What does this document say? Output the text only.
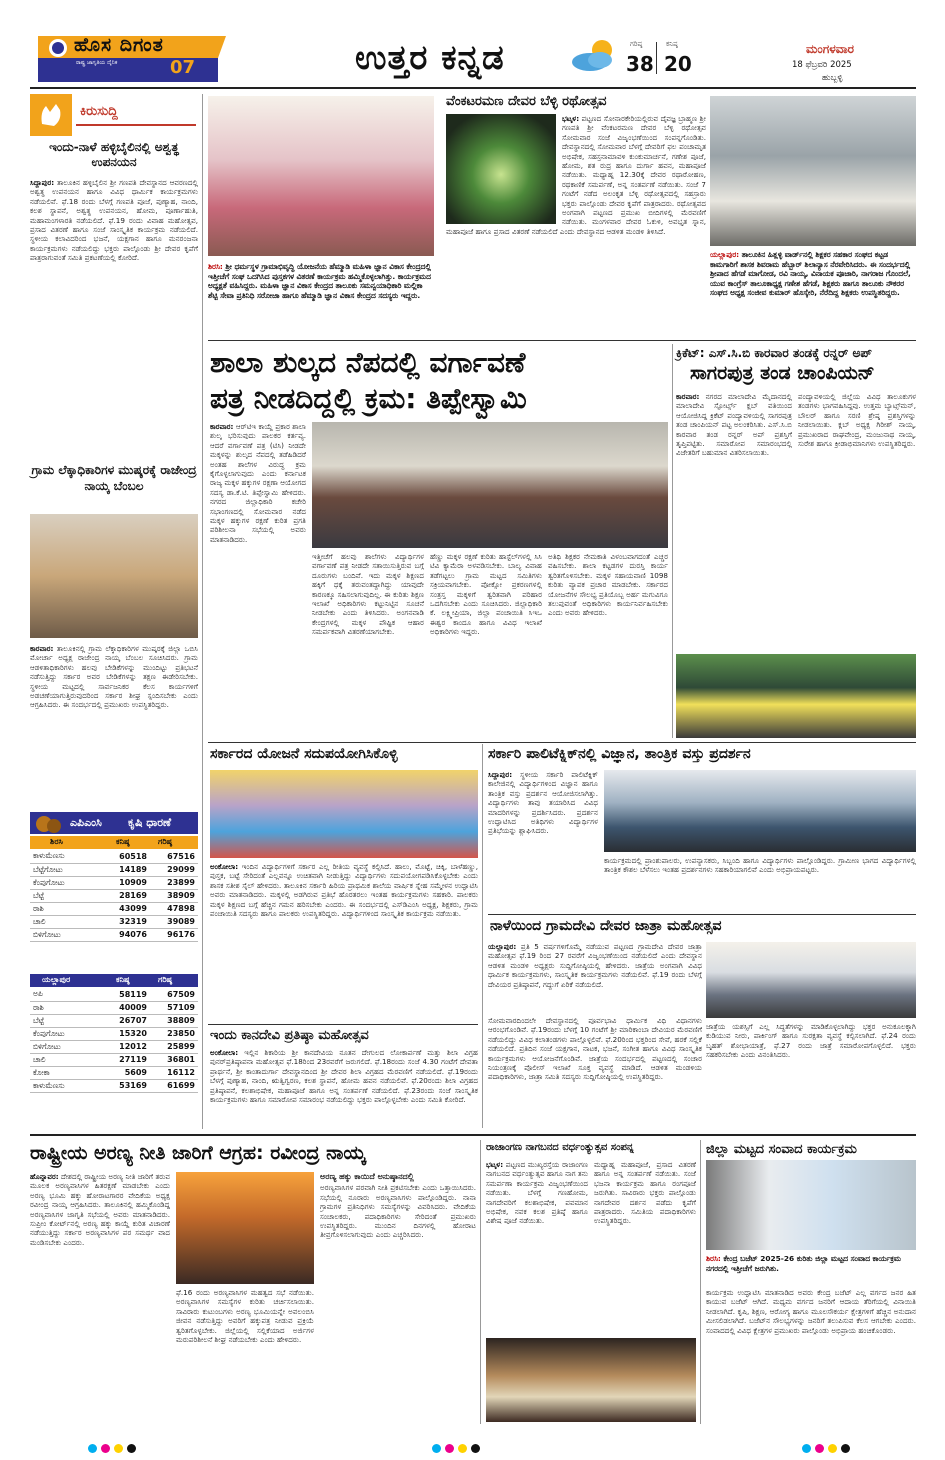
ಹೊಸ ದಿಗಂತ
ರಾಷ್ಟ್ರ ಜಾಗೃತಿಯ ದೈನಿಕ	07	ಉತ್ತರ ಕನ್ನಡ	ಗರಿಷ್ಠ
38
ಕನಿಷ್ಠ
20
ಮಂಗಳವಾರ
18 ಫೆಬ್ರವರಿ 2025
ಹುಬ್ಬಳ್ಳಿ
ಕಿರುಸುದ್ದಿ
ಇಂದು-ನಾಳೆ ಹಳ್ಳಿಬೈಲಿನಲ್ಲಿ ಅಶ್ವತ್ಥ ಉಪನಯನ
ಸಿದ್ದಾಪುರ: ತಾಲೂಕಿನ ಹಳ್ಳಿಬೈಲಿನ ಶ್ರೀ ಗಣಪತಿ ದೇವಸ್ಥಾನದ ಆವರಣದಲ್ಲಿ ಅಶ್ವತ್ಥ ಉಪನಯನ ಹಾಗೂ ವಿವಿಧ ಧಾರ್ಮಿಕ ಕಾರ್ಯಕ್ರಮಗಳು ನಡೆಯಲಿವೆ. ಫೆ.18 ರಂದು ಬೆಳಗ್ಗೆ ಗಣಪತಿ ಪೂಜೆ, ಪುಣ್ಯಾಹ, ನಾಂದಿ, ಕಲಶ ಸ್ಥಾಪನೆ, ಅಶ್ವತ್ಥ ಉಪನಯನ, ಹೋಮ, ಪೂರ್ಣಾಹುತಿ, ಮಹಾಮಂಗಳಾರತಿ ನಡೆಯಲಿದೆ. ಫೆ.19 ರಂದು ವಿವಾಹ ಮಹೋತ್ಸವ, ಪ್ರಸಾದ ವಿತರಣೆ ಹಾಗೂ ಸಂಜೆ ಸಾಂಸ್ಕೃತಿಕ ಕಾರ್ಯಕ್ರಮ ನಡೆಯಲಿದೆ. ಸ್ಥಳೀಯ ಕಲಾವಿದರಿಂದ ಭಜನೆ, ಯಕ್ಷಗಾನ ಹಾಗೂ ಮನರಂಜನಾ ಕಾರ್ಯಕ್ರಮಗಳು ನಡೆಯಲಿದ್ದು ಭಕ್ತರು ಪಾಲ್ಗೊಂಡು ಶ್ರೀ ದೇವರ ಕೃಪೆಗೆ ಪಾತ್ರರಾಗುವಂತೆ ಸಮಿತಿ ಪ್ರಕಟಣೆಯಲ್ಲಿ ಕೋರಿದೆ.
ಗ್ರಾಮ ಲೆಕ್ಕಾಧಿಕಾರಿಗಳ ಮುಷ್ಕರಕ್ಕೆ ರಾಜೇಂದ್ರ ನಾಯ್ಕ ಬೆಂಬಲ
ಕಾರವಾರ: ತಾಲೂಕಿನಲ್ಲಿ ಗ್ರಾಮ ಲೆಕ್ಕಾಧಿಕಾರಿಗಳ ಮುಷ್ಕರಕ್ಕೆ ಜಿಲ್ಲಾ ಒಬಿಸಿ ಮೋರ್ಚಾ ಅಧ್ಯಕ್ಷ ರಾಜೇಂದ್ರ ನಾಯ್ಕ ಬೆಂಬಲ ಸೂಚಿಸಿದರು. ಗ್ರಾಮ ಆಡಳಿತಾಧಿಕಾರಿಗಳು ಹಲವು ಬೇಡಿಕೆಗಳನ್ನು ಮುಂದಿಟ್ಟು ಪ್ರತಿಭಟನೆ ನಡೆಸುತ್ತಿದ್ದು ಸರ್ಕಾರ ಅವರ ಬೇಡಿಕೆಗಳನ್ನು ತಕ್ಷಣ ಈಡೇರಿಸಬೇಕು. ಸ್ಥಳೀಯ ಮಟ್ಟದಲ್ಲಿ ಸಾರ್ವಜನಿಕರ ಕೆಲಸ ಕಾರ್ಯಗಳಿಗೆ ಅಡಚಣೆಯಾಗುತ್ತಿರುವುದರಿಂದ ಸರ್ಕಾರ ಶೀಘ್ರ ಸ್ಪಂದಿಸಬೇಕು ಎಂದು ಆಗ್ರಹಿಸಿದರು. ಈ ಸಂದರ್ಭದಲ್ಲಿ ಪ್ರಮುಖರು ಉಪಸ್ಥಿತರಿದ್ದರು.
ಎಪಿಎಂಸಿ ಕೃಷಿ ಧಾರಣೆ
ಶಿರಸಿ	ಕನಿಷ್ಠ	ಗರಿಷ್ಠ
ಕಾಳುಮೆಣಸು	60518	67516
ಬೆಟ್ಟೆಗೋಟು	14189	29099
ಕೆಂಪುಗೋಟು	10909	23899
ಬೆಟ್ಟೆ	28169	38909
ರಾಶಿ	43099	47898
ಚಾಲಿ	32319	39089
ಬಿಳಿಗೋಟು	94076	96176
ಯಲ್ಲಾಪುರ	ಕನಿಷ್ಠ	ಗರಿಷ್ಠ
ಅಪಿ	58119	67509
ರಾಶಿ	40009	57109
ಬೆಟ್ಟೆ	26707	38809
ಕೆಂಪುಗೋಟು	15320	23850
ಬಿಳಿಗೋಟು	12012	25899
ಚಾಲಿ	27119	36801
ಕೋಕಾ	5609	16112
ಕಾಳುಮೆಣಸು	53169	61699
ಶಿರಸಿ: ಶ್ರೀ ಧರ್ಮಸ್ಥಳ ಗ್ರಾಮಾಭಿವೃದ್ಧಿ ಯೋಜನೆಯ ಹೆಮ್ಮಾಡಿ ಮಹಿಳಾ ಜ್ಞಾನ ವಿಕಾಸ ಕೇಂದ್ರದಲ್ಲಿ ಇತ್ತೀಚೆಗೆ ಸಂಘ ಒದಗಿಸಿದ ಪುಸ್ತಕಗಳ ವಿತರಣೆ ಕಾರ್ಯಕ್ರಮ ಹಮ್ಮಿಕೊಳ್ಳಲಾಗಿತ್ತು. ಕಾರ್ಯಕ್ರಮದ ಅಧ್ಯಕ್ಷತೆ ವಹಿಸಿದ್ದರು. ಮಹಿಳಾ ಜ್ಞಾನ ವಿಕಾಸ ಕೇಂದ್ರದ ತಾಲೂಕು ಸಮನ್ವಯಾಧಿಕಾರಿ ಮಲ್ಲಿಕಾ ಶೆಟ್ಟಿ ಸೇವಾ ಪ್ರತಿನಿಧಿ ಸರೋಜಾ ಹಾಗೂ ಹೆಮ್ಮಾಡಿ ಜ್ಞಾನ ವಿಕಾಸ ಕೇಂದ್ರದ ಸದಸ್ಯರು ಇದ್ದರು.
ವೆಂಕಟರಮಣ ದೇವರ ಬೆಳ್ಳಿ ರಥೋತ್ಸವ
ಭಟ್ಕಳ: ಪಟ್ಟಣದ ಸೋನಾರಕೇರಿಯಲ್ಲಿರುವ ದೈವಜ್ಞ ಬ್ರಾಹ್ಮಣ ಶ್ರೀ ಗಣಪತಿ ಶ್ರೀ ವೆಂಕಟರಮಣ ದೇವರ ಬೆಳ್ಳಿ ರಥೋತ್ಸವ ಸೋಮವಾರ ಸಂಜೆ ವಿಜೃಂಭಣೆಯಿಂದ ಸಂಪನ್ನಗೊಂಡಿತು. ದೇವಸ್ಥಾನದಲ್ಲಿ ಸೋಮವಾರ ಬೆಳಗ್ಗೆ ದೇವರಿಗೆ ಫಲ ಪಂಚಾಮೃತ ಅಭಿಷೇಕ, ಸಹಸ್ರನಾಮಾವಳಿ ಕುಂಕುಮಾರ್ಚನೆ, ಗಣೇಶ ಪೂಜೆ, ಹೋಮ, ಶತ ರುದ್ರ ಹಾಗೂ ದುರ್ಗಾ ಹವನ, ಮಹಾಪೂಜೆ ನಡೆಯಿತು. ಮಧ್ಯಾಹ್ನ 12.30ಕ್ಕೆ ದೇವರ ರಥಾರೋಹಣ, ರಥಕಾಣಿಕೆ ಸಮರ್ಪಣೆ, ಅನ್ನ ಸಂತರ್ಪಣೆ ನಡೆಯಿತು. ಸಂಜೆ 7 ಗಂಟೆಗೆ ನಡೆದ ಅಲಂಕೃತ ಬೆಳ್ಳಿ ರಥೋತ್ಸವದಲ್ಲಿ ಸಹಸ್ರಾರು ಭಕ್ತರು ಪಾಲ್ಗೊಂಡು ದೇವರ ಕೃಪೆಗೆ ಪಾತ್ರರಾದರು. ರಥೋತ್ಸವದ ಅಂಗವಾಗಿ ಪಟ್ಟಣದ ಪ್ರಮುಖ ಬೀದಿಗಳಲ್ಲಿ ಮೆರವಣಿಗೆ ನಡೆಯಿತು. ಮಂಗಳವಾರ ದೇವರ ಓಕುಳಿ, ಅವಭೃತ ಸ್ನಾನ, ಮಹಾಪೂಜೆ ಹಾಗೂ ಪ್ರಸಾದ ವಿತರಣೆ ನಡೆಯಲಿದೆ ಎಂದು ದೇವಸ್ಥಾನದ ಆಡಳಿತ ಮಂಡಳಿ ತಿಳಿಸಿದೆ.
ಯಲ್ಲಾಪುರ: ತಾಲೂಕಿನ ಹಿತ್ಲಳ್ಳಿ ವಾರ್ಡ್‌ನಲ್ಲಿ ಶಿಕ್ಷಕರ ಸಹಕಾರ ಸಂಘದ ಕಟ್ಟಡ ಕಾಮಗಾರಿಗೆ ಶಾಸಕ ಶಿವರಾಮ ಹೆಬ್ಬಾರ್ ಶಿಲಾನ್ಯಾಸ ನೆರವೇರಿಸಿದರು. ಈ ಸಂದರ್ಭದಲ್ಲಿ ಶ್ರೀಪಾದ ಹೆಗಡೆ ಮಾಗೋಡ, ರವಿ ನಾಯ್ಕ, ವಿನಾಯಕ ಪೂಜಾರಿ, ನಾಗರಾಜ ಗೊಂದಲೆ, ಯುವ ಕಾಂಗ್ರೆಸ್ ತಾಲೂಕಾಧ್ಯಕ್ಷ ಗಣೇಶ ಹೆಗಡೆ, ಶಿಕ್ಷಕರು ಹಾಗೂ ತಾಲೂಕು ನೌಕರರ ಸಂಘದ ಅಧ್ಯಕ್ಷ ಸಂಜೀವ ಕುಮಾರ್ ಹೊಸ್ಕೇರಿ, ನೆರೆದಿದ್ದ ಶಿಕ್ಷಕರು ಉಪಸ್ಥಿತರಿದ್ದರು.
ಶಾಲಾ ಶುಲ್ಕದ ನೆಪದಲ್ಲಿ ವರ್ಗಾವಣೆ
ಪತ್ರ ನೀಡದಿದ್ದಲ್ಲಿ ಕ್ರಮ: ತಿಪ್ಪೇಸ್ವಾಮಿ
ಕಾರವಾರ: ಆರ್‌ಟಿಇ ಕಾಯ್ದೆ ಪ್ರಕಾರ ಶಾಲಾ ಶುಲ್ಕ ಭರಿಸುವುದು ಪಾಲಕರ ಕರ್ತವ್ಯ. ಆದರೆ ವರ್ಗಾವಣೆ ಪತ್ರ (ಟಿಸಿ) ನೀಡದೇ ಮಕ್ಕಳನ್ನು ಶುಲ್ಕದ ನೆಪದಲ್ಲಿ ತಡೆಹಿಡಿದರೆ ಅಂತಹ ಶಾಲೆಗಳ ವಿರುದ್ಧ ಕ್ರಮ ಕೈಗೊಳ್ಳಲಾಗುವುದು ಎಂದು ಕರ್ನಾಟಕ ರಾಜ್ಯ ಮಕ್ಕಳ ಹಕ್ಕುಗಳ ರಕ್ಷಣಾ ಆಯೋಗದ ಸದಸ್ಯ ಡಾ.ಕೆ.ಟಿ. ತಿಪ್ಪೇಸ್ವಾಮಿ ಹೇಳಿದರು. ನಗರದ ಜಿಲ್ಲಾಧಿಕಾರಿ ಕಚೇರಿ ಸಭಾಂಗಣದಲ್ಲಿ ಸೋಮವಾರ ನಡೆದ ಮಕ್ಕಳ ಹಕ್ಕುಗಳ ರಕ್ಷಣೆ ಕುರಿತ ಪ್ರಗತಿ ಪರಿಶೀಲನಾ ಸಭೆಯಲ್ಲಿ ಅವರು ಮಾತನಾಡಿದರು.
ಇತ್ತೀಚೆಗೆ ಹಲವು ಶಾಲೆಗಳು ವಿದ್ಯಾರ್ಥಿಗಳ ವರ್ಗಾವಣೆ ಪತ್ರ ನೀಡದೇ ಸತಾಯಿಸುತ್ತಿರುವ ಬಗ್ಗೆ ದೂರುಗಳು ಬಂದಿವೆ. ಇದು ಮಕ್ಕಳ ಶಿಕ್ಷಣದ ಹಕ್ಕಿಗೆ ಧಕ್ಕೆ ತರುವಂತದ್ದಾಗಿದ್ದು ಯಾವುದೇ ಕಾರಣಕ್ಕೂ ಸಹಿಸಲಾಗುವುದಿಲ್ಲ. ಈ ಕುರಿತು ಶಿಕ್ಷಣ ಇಲಾಖೆ ಅಧಿಕಾರಿಗಳು ಕಟ್ಟುನಿಟ್ಟಿನ ಸೂಚನೆ ನೀಡಬೇಕು ಎಂದು ತಿಳಿಸಿದರು. ಅಂಗನವಾಡಿ ಕೇಂದ್ರಗಳಲ್ಲಿ ಮಕ್ಕಳ ಪೌಷ್ಟಿಕ ಆಹಾರ ಸಮರ್ಪಕವಾಗಿ ವಿತರಣೆಯಾಗಬೇಕು.
ಹೆಣ್ಣು ಮಕ್ಕಳ ರಕ್ಷಣೆ ಕುರಿತು ಹಾಸ್ಟೆಲ್‌ಗಳಲ್ಲಿ ಸಿಸಿ ಟಿವಿ ಕ್ಯಾಮೆರಾ ಅಳವಡಿಸಬೇಕು. ಬಾಲ್ಯ ವಿವಾಹ ತಡೆಗಟ್ಟಲು ಗ್ರಾಮ ಮಟ್ಟದ ಸಮಿತಿಗಳು ಸಕ್ರಿಯವಾಗಬೇಕು. ಪೋಕ್ಸೋ ಪ್ರಕರಣಗಳಲ್ಲಿ ಸಂತ್ರಸ್ತ ಮಕ್ಕಳಿಗೆ ತ್ವರಿತವಾಗಿ ಪರಿಹಾರ ಒದಗಿಸಬೇಕು ಎಂದು ಸೂಚಿಸಿದರು. ಜಿಲ್ಲಾಧಿಕಾರಿ ಕೆ. ಲಕ್ಷ್ಮೀಪ್ರಿಯಾ, ಜಿಲ್ಲಾ ಪಂಚಾಯಿತಿ ಸಿಇಒ ಈಶ್ವರ ಕಾಂದೂ ಹಾಗೂ ವಿವಿಧ ಇಲಾಖೆ ಅಧಿಕಾರಿಗಳು ಇದ್ದರು.
ಅತಿಥಿ ಶಿಕ್ಷಕರ ನೇಮಕಾತಿ ವಿಳಂಬವಾಗದಂತೆ ಎಚ್ಚರ ವಹಿಸಬೇಕು. ಶಾಲಾ ಕಟ್ಟಡಗಳ ದುರಸ್ತಿ ಕಾರ್ಯ ತ್ವರಿತಗೊಳಿಸಬೇಕು. ಮಕ್ಕಳ ಸಹಾಯವಾಣಿ 1098 ಕುರಿತು ವ್ಯಾಪಕ ಪ್ರಚಾರ ಮಾಡಬೇಕು. ಸರ್ಕಾರದ ಯೋಜನೆಗಳ ಸೌಲಭ್ಯ ಪ್ರತಿಯೊಬ್ಬ ಅರ್ಹ ಮಗುವಿಗೂ ತಲುಪುವಂತೆ ಅಧಿಕಾರಿಗಳು ಕಾರ್ಯನಿರ್ವಹಿಸಬೇಕು ಎಂದು ಅವರು ಹೇಳಿದರು.
ಕ್ರಿಕೆಟ್: ಎಸ್.ಸಿ.ಬಿ ಕಾರವಾರ ತಂಡಕ್ಕೆ ರನ್ನರ್ ಅಪ್
ಸಾಗರಪುತ್ರ ತಂಡ ಚಾಂಪಿಯನ್
ಕಾರವಾರ: ನಗರದ ಮಾಲಾದೇವಿ ಮೈದಾನದಲ್ಲಿ ಮಾಲಾದೇವಿ ಸ್ಪೋರ್ಟ್ಸ್ ಕ್ಲಬ್ ವತಿಯಿಂದ ಆಯೋಜಿಸಿದ್ದ ಕ್ರಿಕೆಟ್ ಪಂದ್ಯಾವಳಿಯಲ್ಲಿ ಸಾಗರಪುತ್ರ ತಂಡ ಚಾಂಪಿಯನ್ ಪಟ್ಟ ಅಲಂಕರಿಸಿತು. ಎಸ್.ಸಿ.ಬಿ ಕಾರವಾರ ತಂಡ ರನ್ನರ್ ಅಪ್ ಪ್ರಶಸ್ತಿಗೆ ತೃಪ್ತಿಪಟ್ಟಿತು. ಸಮಾರೋಪ ಸಮಾರಂಭದಲ್ಲಿ ವಿಜೇತರಿಗೆ ಬಹುಮಾನ ವಿತರಿಸಲಾಯಿತು.
ಪಂದ್ಯಾವಳಿಯಲ್ಲಿ ಜಿಲ್ಲೆಯ ವಿವಿಧ ತಾಲೂಕುಗಳ ತಂಡಗಳು ಭಾಗವಹಿಸಿದ್ದವು. ಉತ್ತಮ ಬ್ಯಾಟ್ಸ್‌ಮನ್, ಬೌಲರ್ ಹಾಗೂ ಸರಣಿ ಶ್ರೇಷ್ಠ ಪ್ರಶಸ್ತಿಗಳನ್ನು ನೀಡಲಾಯಿತು. ಕ್ಲಬ್ ಅಧ್ಯಕ್ಷ ಗಿರೀಶ್ ನಾಯ್ಕ, ಪ್ರಮುಖರಾದ ರಾಘವೇಂದ್ರ, ಮಂಜುನಾಥ ನಾಯ್ಕ, ಸುರೇಶ ಹಾಗೂ ಕ್ರೀಡಾಭಿಮಾನಿಗಳು ಉಪಸ್ಥಿತರಿದ್ದರು.
ಸರ್ಕಾರದ ಯೋಜನೆ ಸದುಪಯೋಗಿಸಿಕೊಳ್ಳಿ
ಅಂಕೋಲಾ: ಇಂದಿನ ವಿದ್ಯಾರ್ಥಿಗಳಿಗೆ ಸರ್ಕಾರ ಎಲ್ಲ ರೀತಿಯ ವ್ಯವಸ್ಥೆ ಕಲ್ಪಿಸಿದೆ. ಹಾಲು, ಮೊಟ್ಟೆ, ಚಿಕ್ಕಿ, ಬಾಳೆಹಣ್ಣು, ಪುಸ್ತಕ, ಬಟ್ಟೆ ಸೇರಿದಂತೆ ಎಲ್ಲವನ್ನೂ ಉಚಿತವಾಗಿ ನೀಡುತ್ತಿದ್ದು ವಿದ್ಯಾರ್ಥಿಗಳು ಸದುಪಯೋಗಪಡಿಸಿಕೊಳ್ಳಬೇಕು ಎಂದು ಶಾಸಕ ಸತೀಶ ಸೈಲ್ ಹೇಳಿದರು. ತಾಲೂಕಿನ ಸರ್ಕಾರಿ ಹಿರಿಯ ಪ್ರಾಥಮಿಕ ಶಾಲೆಯ ವಾರ್ಷಿಕ ಸ್ನೇಹ ಸಮ್ಮೇಳನ ಉದ್ಘಾಟಿಸಿ ಅವರು ಮಾತನಾಡಿದರು. ಮಕ್ಕಳಲ್ಲಿ ಅಡಗಿರುವ ಪ್ರತಿಭೆ ಹೊರತರಲು ಇಂತಹ ಕಾರ್ಯಕ್ರಮಗಳು ಸಹಕಾರಿ. ಪಾಲಕರು ಮಕ್ಕಳ ಶಿಕ್ಷಣದ ಬಗ್ಗೆ ಹೆಚ್ಚಿನ ಗಮನ ಹರಿಸಬೇಕು ಎಂದರು. ಈ ಸಂದರ್ಭದಲ್ಲಿ ಎಸ್‌ಡಿಎಂಸಿ ಅಧ್ಯಕ್ಷ, ಶಿಕ್ಷಕರು, ಗ್ರಾಮ ಪಂಚಾಯಿತಿ ಸದಸ್ಯರು ಹಾಗೂ ಪಾಲಕರು ಉಪಸ್ಥಿತರಿದ್ದರು. ವಿದ್ಯಾರ್ಥಿಗಳಿಂದ ಸಾಂಸ್ಕೃತಿಕ ಕಾರ್ಯಕ್ರಮ ನಡೆಯಿತು.
ಸರ್ಕಾರಿ ಪಾಲಿಟೆಕ್ನಿಕ್‌ನಲ್ಲಿ ವಿಜ್ಞಾನ, ತಾಂತ್ರಿಕ ವಸ್ತು ಪ್ರದರ್ಶನ
ಸಿದ್ದಾಪುರ: ಸ್ಥಳೀಯ ಸರ್ಕಾರಿ ಪಾಲಿಟೆಕ್ನಿಕ್ ಕಾಲೇಜಿನಲ್ಲಿ ವಿದ್ಯಾರ್ಥಿಗಳಿಂದ ವಿಜ್ಞಾನ ಹಾಗೂ ತಾಂತ್ರಿಕ ವಸ್ತು ಪ್ರದರ್ಶನ ಆಯೋಜಿಸಲಾಗಿತ್ತು. ವಿದ್ಯಾರ್ಥಿಗಳು ತಾವು ತಯಾರಿಸಿದ ವಿವಿಧ ಮಾದರಿಗಳನ್ನು ಪ್ರದರ್ಶಿಸಿದರು. ಪ್ರದರ್ಶನ ಉದ್ಘಾಟಿಸಿದ ಅತಿಥಿಗಳು ವಿದ್ಯಾರ್ಥಿಗಳ ಪ್ರತಿಭೆಯನ್ನು ಶ್ಲಾಘಿಸಿದರು.
ಕಾರ್ಯಕ್ರಮದಲ್ಲಿ ಪ್ರಾಂಶುಪಾಲರು, ಉಪನ್ಯಾಸಕರು, ಸಿಬ್ಬಂದಿ ಹಾಗೂ ವಿದ್ಯಾರ್ಥಿಗಳು ಪಾಲ್ಗೊಂಡಿದ್ದರು. ಗ್ರಾಮೀಣ ಭಾಗದ ವಿದ್ಯಾರ್ಥಿಗಳಲ್ಲಿ ತಾಂತ್ರಿಕ ಕೌಶಲ ಬೆಳೆಸಲು ಇಂತಹ ಪ್ರದರ್ಶನಗಳು ಸಹಕಾರಿಯಾಗಲಿವೆ ಎಂದು ಅಭಿಪ್ರಾಯಪಟ್ಟರು.
ನಾಳೆಯಿಂದ ಗ್ರಾಮದೇವಿ ದೇವರ ಜಾತ್ರಾ ಮಹೋತ್ಸವ
ಯಲ್ಲಾಪುರ: ಪ್ರತಿ 5 ವರ್ಷಗಳಿಗೊಮ್ಮೆ ನಡೆಯುವ ಪಟ್ಟಣದ ಗ್ರಾಮದೇವಿ ದೇವರ ಜಾತ್ರಾ ಮಹೋತ್ಸವ ಫೆ.19 ರಿಂದ 27 ರವರೆಗೆ ವಿಜೃಂಭಣೆಯಿಂದ ನಡೆಯಲಿದೆ ಎಂದು ದೇವಸ್ಥಾನ ಆಡಳಿತ ಮಂಡಳಿ ಅಧ್ಯಕ್ಷರು ಸುದ್ದಿಗೋಷ್ಠಿಯಲ್ಲಿ ಹೇಳಿದರು. ಜಾತ್ರೆಯ ಅಂಗವಾಗಿ ವಿವಿಧ ಧಾರ್ಮಿಕ ಕಾರ್ಯಕ್ರಮಗಳು, ಸಾಂಸ್ಕೃತಿಕ ಕಾರ್ಯಕ್ರಮಗಳು ನಡೆಯಲಿವೆ. ಫೆ.19 ರಂದು ಬೆಳಗ್ಗೆ ದೇವಿಯರ ಪ್ರತಿಷ್ಠಾಪನೆ, ಗದ್ದುಗೆ ಏರಿಕೆ ನಡೆಯಲಿದೆ.
ಜಾತ್ರೆಯ ಯಶಸ್ಸಿಗೆ ಎಲ್ಲ ಸಿದ್ಧತೆಗಳನ್ನು ಮಾಡಿಕೊಳ್ಳಲಾಗಿದ್ದು ಭಕ್ತರ ಅನುಕೂಲಕ್ಕಾಗಿ ಕುಡಿಯುವ ನೀರು, ಪಾರ್ಕಿಂಗ್ ಹಾಗೂ ಸುರಕ್ಷತಾ ವ್ಯವಸ್ಥೆ ಕಲ್ಪಿಸಲಾಗಿದೆ. ಫೆ.24 ರಂದು ಬೃಹತ್ ಶೋಭಾಯಾತ್ರೆ, ಫೆ.27 ರಂದು ಜಾತ್ರೆ ಸಮಾರೋಪಗೊಳ್ಳಲಿದೆ. ಭಕ್ತರು ಸಹಕರಿಸಬೇಕು ಎಂದು ವಿನಂತಿಸಿದರು.
ಸೋಮವಾರದಿಂದಲೇ ದೇವಸ್ಥಾನದಲ್ಲಿ ಪೂರ್ವಭಾವಿ ಧಾರ್ಮಿಕ ವಿಧಿ ವಿಧಾನಗಳು ಆರಂಭಗೊಂಡಿವೆ. ಫೆ.19ರಂದು ಬೆಳಗ್ಗೆ 10 ಗಂಟೆಗೆ ಶ್ರೀ ಮಾರಿಕಾಂಬಾ ದೇವಿಯರ ಮೆರವಣಿಗೆ ನಡೆಯಲಿದ್ದು ವಿವಿಧ ಕಲಾತಂಡಗಳು ಪಾಲ್ಗೊಳ್ಳಲಿವೆ. ಫೆ.20ರಿಂದ ಭಕ್ತರಿಂದ ಸೇವೆ, ಹರಕೆ ಸಲ್ಲಿಕೆ ನಡೆಯಲಿದೆ. ಪ್ರತಿದಿನ ಸಂಜೆ ಯಕ್ಷಗಾನ, ನಾಟಕ, ಭಜನೆ, ಸಂಗೀತ ಹಾಗೂ ವಿವಿಧ ಸಾಂಸ್ಕೃತಿಕ ಕಾರ್ಯಕ್ರಮಗಳು ಆಯೋಜನೆಗೊಂಡಿವೆ. ಜಾತ್ರೆಯ ಸಂದರ್ಭದಲ್ಲಿ ಪಟ್ಟಣದಲ್ಲಿ ಸಂಚಾರ ನಿಯಂತ್ರಣಕ್ಕೆ ಪೊಲೀಸ್ ಇಲಾಖೆ ಸೂಕ್ತ ವ್ಯವಸ್ಥೆ ಮಾಡಿದೆ. ಆಡಳಿತ ಮಂಡಳಿಯ ಪದಾಧಿಕಾರಿಗಳು, ಜಾತ್ರಾ ಸಮಿತಿ ಸದಸ್ಯರು ಸುದ್ದಿಗೋಷ್ಠಿಯಲ್ಲಿ ಉಪಸ್ಥಿತರಿದ್ದರು.
ಇಂದು ಕಾನದೇವಿ ಪ್ರತಿಷ್ಠಾ ಮಹೋತ್ಸವ
ಅಂಕೋಲಾ: ಇಲ್ಲಿನ ಶಿಕಾರಿಯ ಶ್ರೀ ಕಾನದೇವಿಯ ನೂತನ ದೇಗುಲದ ಲೋಕಾರ್ಪಣೆ ಮತ್ತು ಶಿಲಾ ವಿಗ್ರಹ ಪುನರ್‌ಪ್ರತಿಷ್ಠಾಪನಾ ಮಹೋತ್ಸವ ಫೆ.18ರಿಂದ 23ರವರೆಗೆ ಜರುಗಲಿದೆ. ಫೆ.18ರಂದು ಸಂಜೆ 4.30 ಗಂಟೆಗೆ ದೇವತಾ ಪ್ರಾರ್ಥನೆ, ಶ್ರೀ ಕಾಂತಾದುರ್ಗಾ ದೇವಸ್ಥಾನದಿಂದ ಶ್ರೀ ದೇವರ ಶಿಲಾ ವಿಗ್ರಹದ ಮೆರವಣಿಗೆ ನಡೆಯಲಿದೆ. ಫೆ.19ರಂದು ಬೆಳಗ್ಗೆ ಪುಣ್ಯಾಹ, ನಾಂದಿ, ಋತ್ವಿಗ್ವರಣ, ಕಲಶ ಸ್ಥಾಪನೆ, ಹೋಮ ಹವನ ನಡೆಯಲಿವೆ. ಫೆ.20ರಂದು ಶಿಲಾ ವಿಗ್ರಹದ ಪ್ರತಿಷ್ಠಾಪನೆ, ಕಲಶಾಭಿಷೇಕ, ಮಹಾಪೂಜೆ ಹಾಗೂ ಅನ್ನ ಸಂತರ್ಪಣೆ ನಡೆಯಲಿದೆ. ಫೆ.23ರಂದು ಸಂಜೆ ಸಾಂಸ್ಕೃತಿಕ ಕಾರ್ಯಕ್ರಮಗಳು ಹಾಗೂ ಸಮಾರೋಪ ಸಮಾರಂಭ ನಡೆಯಲಿದ್ದು ಭಕ್ತರು ಪಾಲ್ಗೊಳ್ಳಬೇಕು ಎಂದು ಸಮಿತಿ ಕೋರಿದೆ.
ರಾಷ್ಟ್ರೀಯ ಅರಣ್ಯ ನೀತಿ ಜಾರಿಗೆ ಆಗ್ರಹ: ರವೀಂದ್ರ ನಾಯ್ಕ
ಹೊನ್ನಾವರ: ದೇಶದಲ್ಲಿ ರಾಷ್ಟ್ರೀಯ ಅರಣ್ಯ ನೀತಿ ಜಾರಿಗೆ ತರುವ ಮೂಲಕ ಅರಣ್ಯವಾಸಿಗಳ ಹಿತರಕ್ಷಣೆ ಮಾಡಬೇಕು ಎಂದು ಅರಣ್ಯ ಭೂಮಿ ಹಕ್ಕು ಹೋರಾಟಗಾರರ ವೇದಿಕೆಯ ಅಧ್ಯಕ್ಷ ರವೀಂದ್ರ ನಾಯ್ಕ ಆಗ್ರಹಿಸಿದರು. ತಾಲೂಕಿನಲ್ಲಿ ಹಮ್ಮಿಕೊಂಡಿದ್ದ ಅರಣ್ಯವಾಸಿಗಳ ಜಾಗೃತಿ ಸಭೆಯಲ್ಲಿ ಅವರು ಮಾತನಾಡಿದರು. ಸುಪ್ರೀಂ ಕೋರ್ಟ್‌ನಲ್ಲಿ ಅರಣ್ಯ ಹಕ್ಕು ಕಾಯ್ದೆ ಕುರಿತ ವಿಚಾರಣೆ ನಡೆಯುತ್ತಿದ್ದು ಸರ್ಕಾರ ಅರಣ್ಯವಾಸಿಗಳ ಪರ ಸಮರ್ಥ ವಾದ ಮಂಡಿಸಬೇಕು ಎಂದರು.
ಫೆ.16 ರಂದು ಅರಣ್ಯವಾಸಿಗಳ ಮಹತ್ವದ ಸಭೆ ನಡೆಯಿತು. ಅರಣ್ಯವಾಸಿಗಳ ಸಮಸ್ಯೆಗಳ ಕುರಿತು ಚರ್ಚಿಸಲಾಯಿತು. ಸಾವಿರಾರು ಕುಟುಂಬಗಳು ಅರಣ್ಯ ಭೂಮಿಯನ್ನೇ ಅವಲಂಬಿಸಿ ಜೀವನ ನಡೆಸುತ್ತಿದ್ದು ಅವರಿಗೆ ಹಕ್ಕುಪತ್ರ ನೀಡುವ ಪ್ರಕ್ರಿಯೆ ತ್ವರಿತಗೊಳ್ಳಬೇಕು. ಜಿಲ್ಲೆಯಲ್ಲಿ ಸಲ್ಲಿಕೆಯಾದ ಅರ್ಜಿಗಳ ಮರುಪರಿಶೀಲನೆ ಶೀಘ್ರ ನಡೆಯಬೇಕು ಎಂದು ಹೇಳಿದರು.
ಅರಣ್ಯ ಹಕ್ಕು ಕಾಯಿದೆ ಅನುಷ್ಠಾನದಲ್ಲಿ
ಅರಣ್ಯವಾಸಿಗಳ ಪರವಾಗಿ ನೀತಿ ಪ್ರಕಟಿಸಬೇಕು ಎಂದು ಒತ್ತಾಯಿಸಿದರು. ಸಭೆಯಲ್ಲಿ ನೂರಾರು ಅರಣ್ಯವಾಸಿಗಳು ಪಾಲ್ಗೊಂಡಿದ್ದರು. ನಾನಾ ಗ್ರಾಮಗಳ ಪ್ರತಿನಿಧಿಗಳು ಸಮಸ್ಯೆಗಳನ್ನು ವಿವರಿಸಿದರು. ವೇದಿಕೆಯ ಸಂಚಾಲಕರು, ಪದಾಧಿಕಾರಿಗಳು ಸೇರಿದಂತೆ ಪ್ರಮುಖರು ಉಪಸ್ಥಿತರಿದ್ದರು. ಮುಂದಿನ ದಿನಗಳಲ್ಲಿ ಹೋರಾಟ ತೀವ್ರಗೊಳಿಸಲಾಗುವುದು ಎಂದು ಎಚ್ಚರಿಸಿದರು.
ರಾಜಾಂಗಣ ನಾಗಬನದ ವರ್ಧಂತ್ಯುತ್ಸವ ಸಂಪನ್ನ
ಭಟ್ಕಳ: ಪಟ್ಟಣದ ಮುಖ್ಯರಸ್ತೆಯ ರಾಜಾಂಗಣ ನಾಗಬನದ ವರ್ಧಂತ್ಯುತ್ಸವ ಹಾಗೂ ನಾಗ ತನು ಸಮರ್ಪಣಾ ಕಾರ್ಯಕ್ರಮ ವಿಜೃಂಭಣೆಯಿಂದ ನಡೆಯಿತು. ಬೆಳಗ್ಗೆ ಗಣಹೋಮ, ನಾಗದೇವರಿಗೆ ಕಲಶಾಭಿಷೇಕ, ಪವಮಾನ ಅಭಿಷೇಕ, ನವಕ ಕಲಶ ಪ್ರತಿಷ್ಠೆ ಹಾಗೂ ವಿಶೇಷ ಪೂಜೆ ನಡೆಯಿತು.
ಮಧ್ಯಾಹ್ನ ಮಹಾಪೂಜೆ, ಪ್ರಸಾದ ವಿತರಣೆ ಹಾಗೂ ಅನ್ನ ಸಂತರ್ಪಣೆ ನಡೆಯಿತು. ಸಂಜೆ ಭಜನಾ ಕಾರ್ಯಕ್ರಮ ಹಾಗೂ ರಂಗಪೂಜೆ ಜರುಗಿತು. ಸಾವಿರಾರು ಭಕ್ತರು ಪಾಲ್ಗೊಂಡು ನಾಗದೇವರ ದರ್ಶನ ಪಡೆದು ಕೃಪೆಗೆ ಪಾತ್ರರಾದರು. ಸಮಿತಿಯ ಪದಾಧಿಕಾರಿಗಳು ಉಪಸ್ಥಿತರಿದ್ದರು.
ಜಿಲ್ಲಾ ಮಟ್ಟದ ಸಂವಾದ ಕಾರ್ಯಕ್ರಮ
ಶಿರಸಿ: ಕೇಂದ್ರ ಬಜೆಟ್ 2025-26 ಕುರಿತು ಜಿಲ್ಲಾ ಮಟ್ಟದ ಸಂವಾದ ಕಾರ್ಯಕ್ರಮ ನಗರದಲ್ಲಿ ಇತ್ತೀಚೆಗೆ ಜರುಗಿತು.
ಕಾರ್ಯಕ್ರಮ ಉದ್ಘಾಟಿಸಿ ಮಾತನಾಡಿದ ಅವರು ಕೇಂದ್ರ ಬಜೆಟ್ ಎಲ್ಲ ವರ್ಗದ ಜನರ ಹಿತ ಕಾಯುವ ಬಜೆಟ್ ಆಗಿದೆ. ಮಧ್ಯಮ ವರ್ಗದ ಜನರಿಗೆ ಆದಾಯ ತೆರಿಗೆಯಲ್ಲಿ ವಿನಾಯಿತಿ ನೀಡಲಾಗಿದೆ. ಕೃಷಿ, ಶಿಕ್ಷಣ, ಆರೋಗ್ಯ ಹಾಗೂ ಮೂಲಸೌಕರ್ಯ ಕ್ಷೇತ್ರಗಳಿಗೆ ಹೆಚ್ಚಿನ ಅನುದಾನ ಮೀಸಲಿಡಲಾಗಿದೆ. ಬಜೆಟ್‌ನ ಸೌಲಭ್ಯಗಳನ್ನು ಜನರಿಗೆ ತಲುಪಿಸುವ ಕೆಲಸ ಆಗಬೇಕು ಎಂದರು. ಸಂವಾದದಲ್ಲಿ ವಿವಿಧ ಕ್ಷೇತ್ರಗಳ ಪ್ರಮುಖರು ಪಾಲ್ಗೊಂಡು ಅಭಿಪ್ರಾಯ ಹಂಚಿಕೊಂಡರು.
